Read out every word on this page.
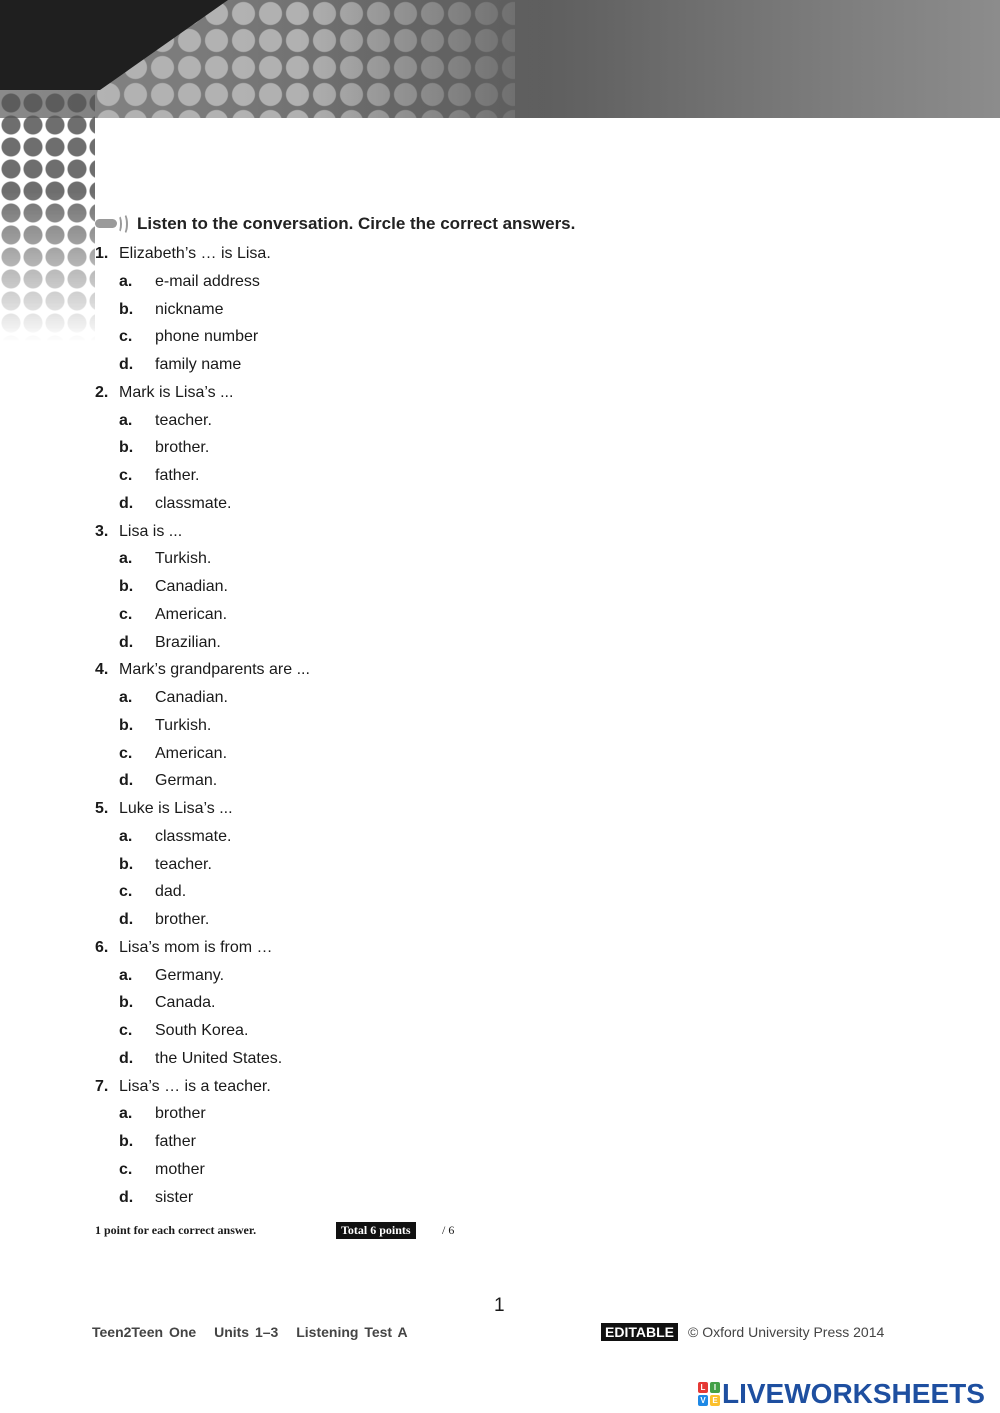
Listen to the conversation. Circle the correct answers.
1. Elizabeth’s … is Lisa.
a. e-mail address
b. nickname
c. phone number
d. family name
2. Mark is Lisa’s ...
a. teacher.
b. brother.
c. father.
d. classmate.
3. Lisa is ...
a. Turkish.
b. Canadian.
c. American.
d. Brazilian.
4. Mark’s grandparents are ...
a. Canadian.
b. Turkish.
c. American.
d. German.
5. Luke is Lisa’s ...
a. classmate.
b. teacher.
c. dad.
d. brother.
6. Lisa’s mom is from …
a. Germany.
b. Canada.
c. South Korea.
d. the United States.
7. Lisa’s … is a teacher.
a. brother
b. father
c. mother
d. sister
1 point for each correct answer.	Total 6 points	/ 6
1
Teen2Teen One Units 1–3 Listening Test A	EDITABLE © Oxford University Press 2014
L	I
V E LIVEWORKSHEETS
